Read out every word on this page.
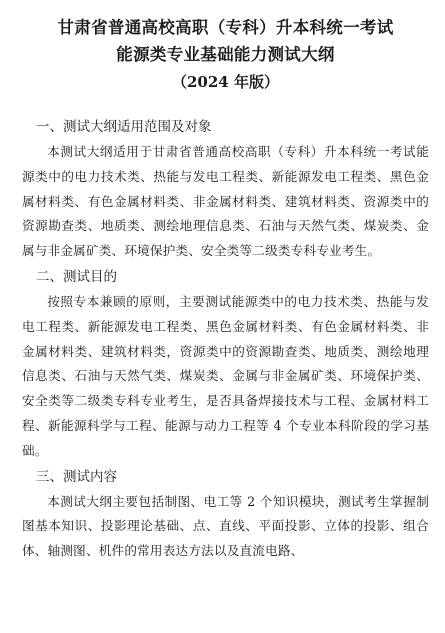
甘肃省普通高校高职（专科）升本科统一考试
能源类专业基础能力测试大纲
（2024 年版）
一、测试大纲适用范围及对象

本测试大纲适用于甘肃省普通高校高职（专科）升本科统一考试能源类中的电力技术类、热能与发电工程类、新能源发电工程类、黑色金属材料类、有色金属材料类、非金属材料类、建筑材料类、资源类中的资源勘查类、地质类、测绘地理信息类、石油与天然气类、煤炭类、金属与非金属矿类、环境保护类、安全类等二级类专科专业考生。

二、测试目的

按照专本兼顾的原则，主要测试能源类中的电力技术类、热能与发电工程类、新能源发电工程类、黑色金属材料类、有色金属材料类、非金属材料类、建筑材料类，资源类中的资源勘查类、地质类、测绘地理信息类、石油与天然气类、煤炭类、金属与非金属矿类、环境保护类、安全类等二级类专科专业考生，是否具备焊接技术与工程、金属材料工程、新能源科学与工程、能源与动力工程等 4 个专业本科阶段的学习基础。

三、测试内容

本测试大纲主要包括制图、电工等 2 个知识模块，测试考生掌握制图基本知识、投影理论基础、点、直线、平面投影、立体的投影、组合体、轴测图、机件的常用表达方法以及直流电路、
